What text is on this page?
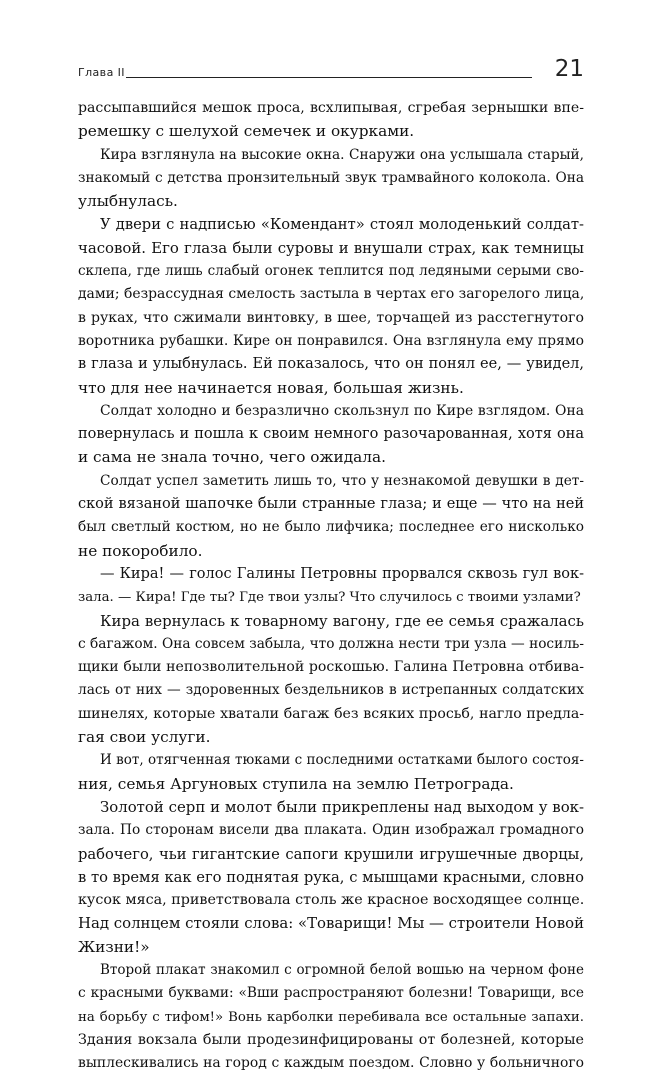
Глава II	21
рассыпавшийся мешок проса, всхлипывая, сгребая зернышки впе-
ремешку с шелухой семечек и окурками.
Кира взглянула на высокие окна. Снаружи она услышала старый,
знакомый с детства пронзительный звук трамвайного колокола. Она
улыбнулась.
У двери с надписью «Комендант» стоял молоденький солдат-
часовой. Его глаза были суровы и внушали страх, как темницы
склепа, где лишь слабый огонек теплится под ледяными серыми сво-
дами; безрассудная смелость застыла в чертах его загорелого лица,
в руках, что сжимали винтовку, в шее, торчащей из расстегнутого
воротника рубашки. Кире он понравился. Она взглянула ему прямо
в глаза и улыбнулась. Ей показалось, что он понял ее, — увидел,
что для нее начинается новая, большая жизнь.
Солдат холодно и безразлично скользнул по Кире взглядом. Она
повернулась и пошла к своим немного разочарованная, хотя она
и сама не знала точно, чего ожидала.
Солдат успел заметить лишь то, что у незнакомой девушки в дет-
ской вязаной шапочке были странные глаза; и еще — что на ней
был светлый костюм, но не было лифчика; последнее его нисколько
не покоробило.
— Кира! — голос Галины Петровны прорвался сквозь гул вок-
зала. — Кира! Где ты? Где твои узлы? Что случилось с твоими узлами?
Кира вернулась к товарному вагону, где ее семья сражалась
с багажом. Она совсем забыла, что должна нести три узла — носиль-
щики были непозволительной роскошью. Галина Петровна отбива-
лась от них — здоровенных бездельников в истрепанных солдатских
шинелях, которые хватали багаж без всяких просьб, нагло предла-
гая свои услуги.
И вот, отягченная тюками с последними остатками былого состоя-
ния, семья Аргуновых ступила на землю Петрограда.
Золотой серп и молот были прикреплены над выходом у вок-
зала. По сторонам висели два плаката. Один изображал громадного
рабочего, чьи гигантские сапоги крушили игрушечные дворцы,
в то время как его поднятая рука, с мышцами красными, словно
кусок мяса, приветствовала столь же красное восходящее солнце.
Над солнцем стояли слова: «Товарищи! Мы — строители Новой
Жизни!»
Второй плакат знакомил с огромной белой вошью на черном фоне
с красными буквами: «Вши распространяют болезни! Товарищи, все
на борьбу с тифом!» Вонь карболки перебивала все остальные запахи.
Здания вокзала были продезинфицированы от болезней, которые
выплескивались на город с каждым поездом. Словно у больничного
